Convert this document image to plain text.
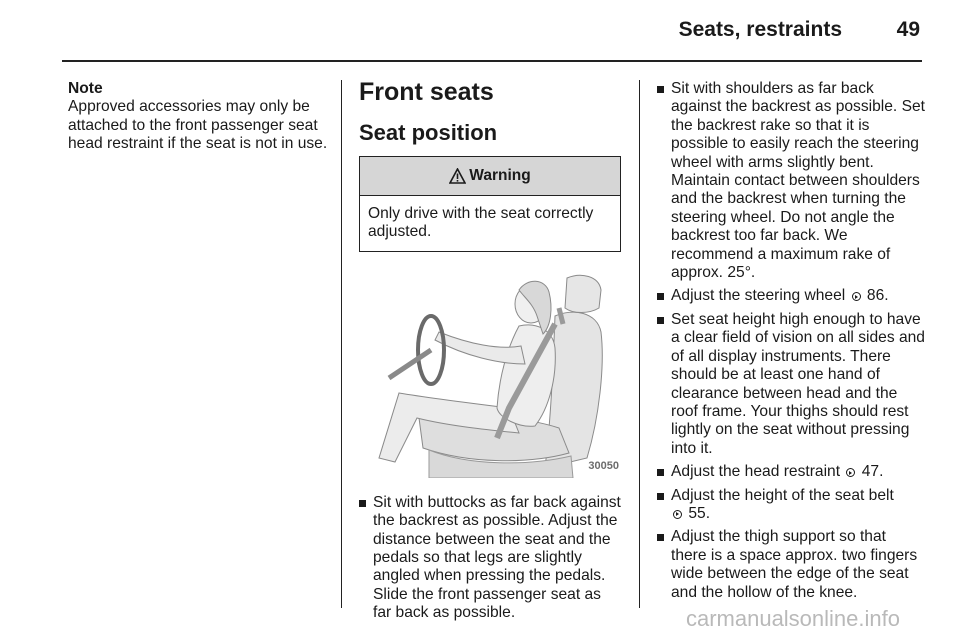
Seats, restraints	49
Note
Approved accessories may only be attached to the front passenger seat head restraint if the seat is not in use.
Front seats
Seat position
Warning
Only drive with the seat correctly adjusted.
30050
Sit with buttocks as far back against the backrest as possible. Adjust the distance between the seat and the pedals so that legs are slightly angled when pressing the pedals. Slide the front passenger seat as far back as possible.
Sit with shoulders as far back against the backrest as possible. Set the backrest rake so that it is possible to easily reach the steering wheel with arms slightly bent. Maintain contact between shoulders and the backrest when turning the steering wheel. Do not angle the backrest too far back. We recommend a maximum rake of approx. 25°.
Adjust the steering wheel 86.
Set seat height high enough to have a clear field of vision on all sides and of all display instruments. There should be at least one hand of clearance between head and the roof frame. Your thighs should rest lightly on the seat without pressing into it.
Adjust the head restraint 47.
Adjust the height of the seat belt
55.
Adjust the thigh support so that there is a space approx. two fingers wide between the edge of the seat and the hollow of the knee.
carmanualsonline.info
